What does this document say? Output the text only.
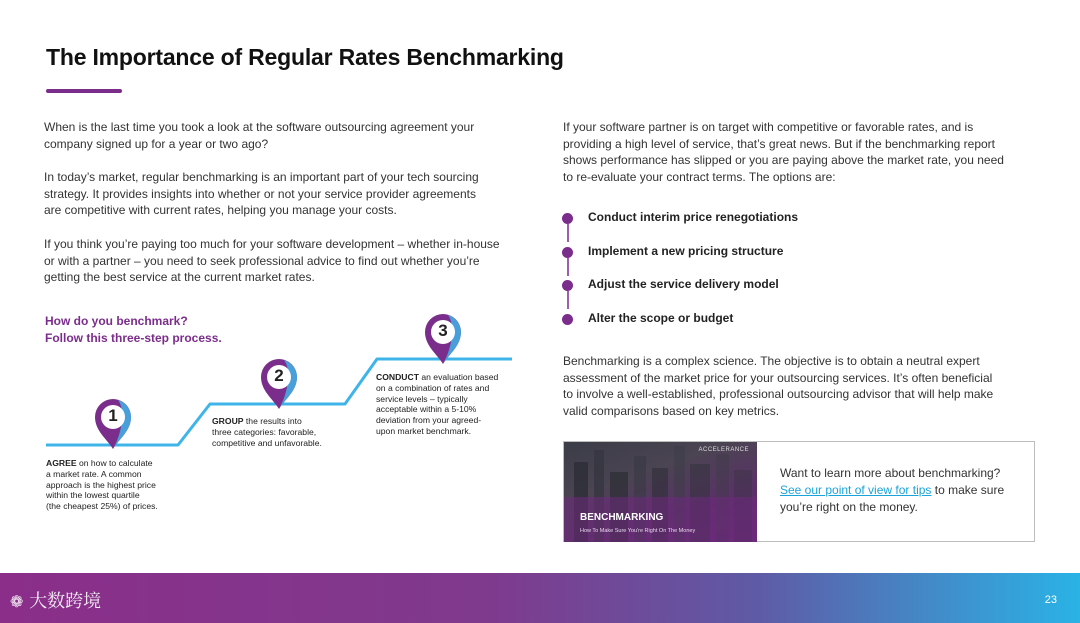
The Importance of Regular Rates Benchmarking
When is the last time you took a look at the software outsourcing agreement your
company signed up for a year or two ago?
In today’s market, regular benchmarking is an important part of your tech sourcing
strategy. It provides insights into whether or not your service provider agreements
are competitive with current rates, helping you manage your costs.
If you think you’re paying too much for your software development – whether in-house
or with a partner – you need to seek professional advice to find out whether you’re
getting the best service at the current market rates.
How do you benchmark?
Follow this three-step process.
1
2
3
AGREE on how to calculate
a market rate. A common
approach is the highest price
within the lowest quartile
(the cheapest 25%) of prices.
GROUP the results into
three categories: favorable,
competitive and unfavorable.
CONDUCT an evaluation based
on a combination of rates and
service levels – typically
acceptable within a 5-10%
deviation from your agreed-
upon market benchmark.
If your software partner is on target with competitive or favorable rates, and is
providing a high level of service, that’s great news. But if the benchmarking report
shows performance has slipped or you are paying above the market rate, you need
to re-evaluate your contract terms. The options are:
Conduct interim price renegotiations
Implement a new pricing structure
Adjust the service delivery model
Alter the scope or budget
Benchmarking is a complex science. The objective is to obtain a neutral expert
assessment of the market price for your outsourcing services. It’s often beneficial
to involve a well-established, professional outsourcing advisor that will help make
valid comparisons based on key metrics.
ACCELERANCE
BENCHMARKING
How To Make Sure You're Right On The Money
Want to learn more about benchmarking?
See our point of view for tips to make sure
you’re right on the money.
❁ 大数跨境	23
